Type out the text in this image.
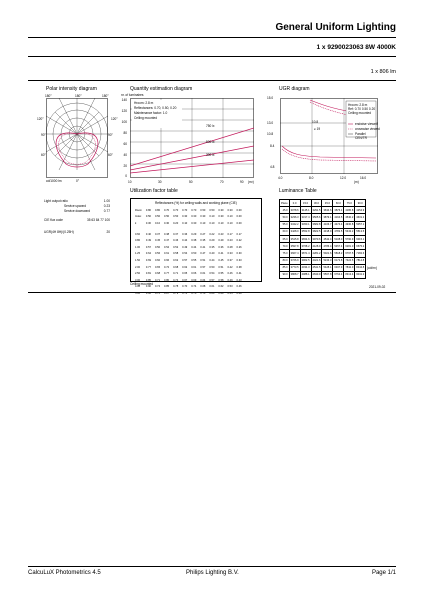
General Uniform Lighting
1 x 9290023063 8W 4000K
1 x 806 lm
Polar intensity diagram
180°	180°	180°
120°	120°
90°	90°
60°	60°
cd/1000 lm	0°
Quantity estimation diagram
nr. of luminaires
140
120
100
80
60
40
20
0
Hroom: 2.8 m
Reflectances: 0.70, 0.50, 0.20
Maintenance factor: 1.0
Ceiling mounted
750 lx
500 lx
300 lx
10	30	50	70	90 (m²)
UGR diagram
15.0
13.0
10.8
8.4
4.8
Hroom: 2.8 m
Ref: 0.70 0.50 0.20
Ceiling mounted
endwise viewed
crosswise viewed
Parallel
CEN/TR
10.8
≥ 19
4.0	8.0	12.0	16.0
(m)
Light output ratio	1.00
Service upward	0.23
Service downward	0.77
CIE flux code	35 63 84 77 100
UGR(4H 8H)/(0.25H)	20
Utilization factor table
Reflectances (%) for ceiling walls and working plane (CIE)
Room	0.80	0.80	0.70	0.70	0.70	0.70	0.50	0.50	0.30	0.30	0.00
Index	0.50	0.50	0.50	0.50	0.30	0.30	0.30	0.10	0.30	0.10	0.00
k	0.30	0.10	0.30	0.20	0.10	0.30	0.10	0.10	0.10	0.10	0.00

0.60	0.40	0.37	0.38	0.37	0.36	0.29	0.27	0.22	0.23	0.17	0.17
0.80	0.49	0.45	0.47	0.46	0.44	0.38	0.35	0.29	0.29	0.23	0.22
1.00	0.57	0.50	0.54	0.52	0.49	0.44	0.41	0.35	0.36	0.28	0.26
1.25	0.64	0.56	0.61	0.58	0.54	0.50	0.47	0.40	0.41	0.33	0.30
1.50	0.69	0.60	0.66	0.62	0.57	0.55	0.51	0.44	0.45	0.37	0.33
2.00	0.77	0.65	0.72	0.68	0.62	0.61	0.57	0.50	0.51	0.42	0.38
2.50	0.81	0.68	0.77	0.71	0.65	0.66	0.61	0.54	0.55	0.46	0.41
3.00	0.85	0.71	0.80	0.74	0.67	0.69	0.64	0.57	0.58	0.49	0.43
4.00	0.90	0.74	0.85	0.78	0.70	0.74	0.68	0.61	0.62	0.53	0.46
5.00	0.92	0.76	0.87	0.79	0.71	0.76	0.70	0.63	0.64	0.55	0.48
Ceiling mounted
Luminance Table
Plane	0.0	15.0	30.0	45.0	60.0	75.0	90.0
45.0	3078.6	3145.1	3291.5	3634.6	3876.1	4186.8	4254.9
50.0	3236.3	3317.4	3505.6	3879.1	4164.5	4540.2	4631.2
55.0	3342.2	3450.1	3682.8	4106.7	4474.4	4930.8	5057.1
60.0	3428.0	3552.8	3822.5	4318.9	4782.5	5343.2	5513.5
65.0	3515.8	3654.6	3970.6	4542.4	5108.0	5790.9	6015.1
70.0	3597.8	3768.2	4128.9	4786.4	5457.4	6281.0	6575.2
75.0	3667.4	3871.4	4281.2	5021.6	5818.2	6797.5	7182.6
80.0	3726.9	3962.5	4421.6	5243.3	6172.8	7324.5	7814.8
85.0	3773.5	4034.3	4541.5	5428.1	6497.9	7842.0	8444.8
90.0	3808.7	4088.1	4633.9	5567.8	6764.4	8313.4	9041.2
(cd/m²)
2021-09-02
CalcuLuX Photometrics 4.5	Philips Lighting B.V.	Page 1/1
